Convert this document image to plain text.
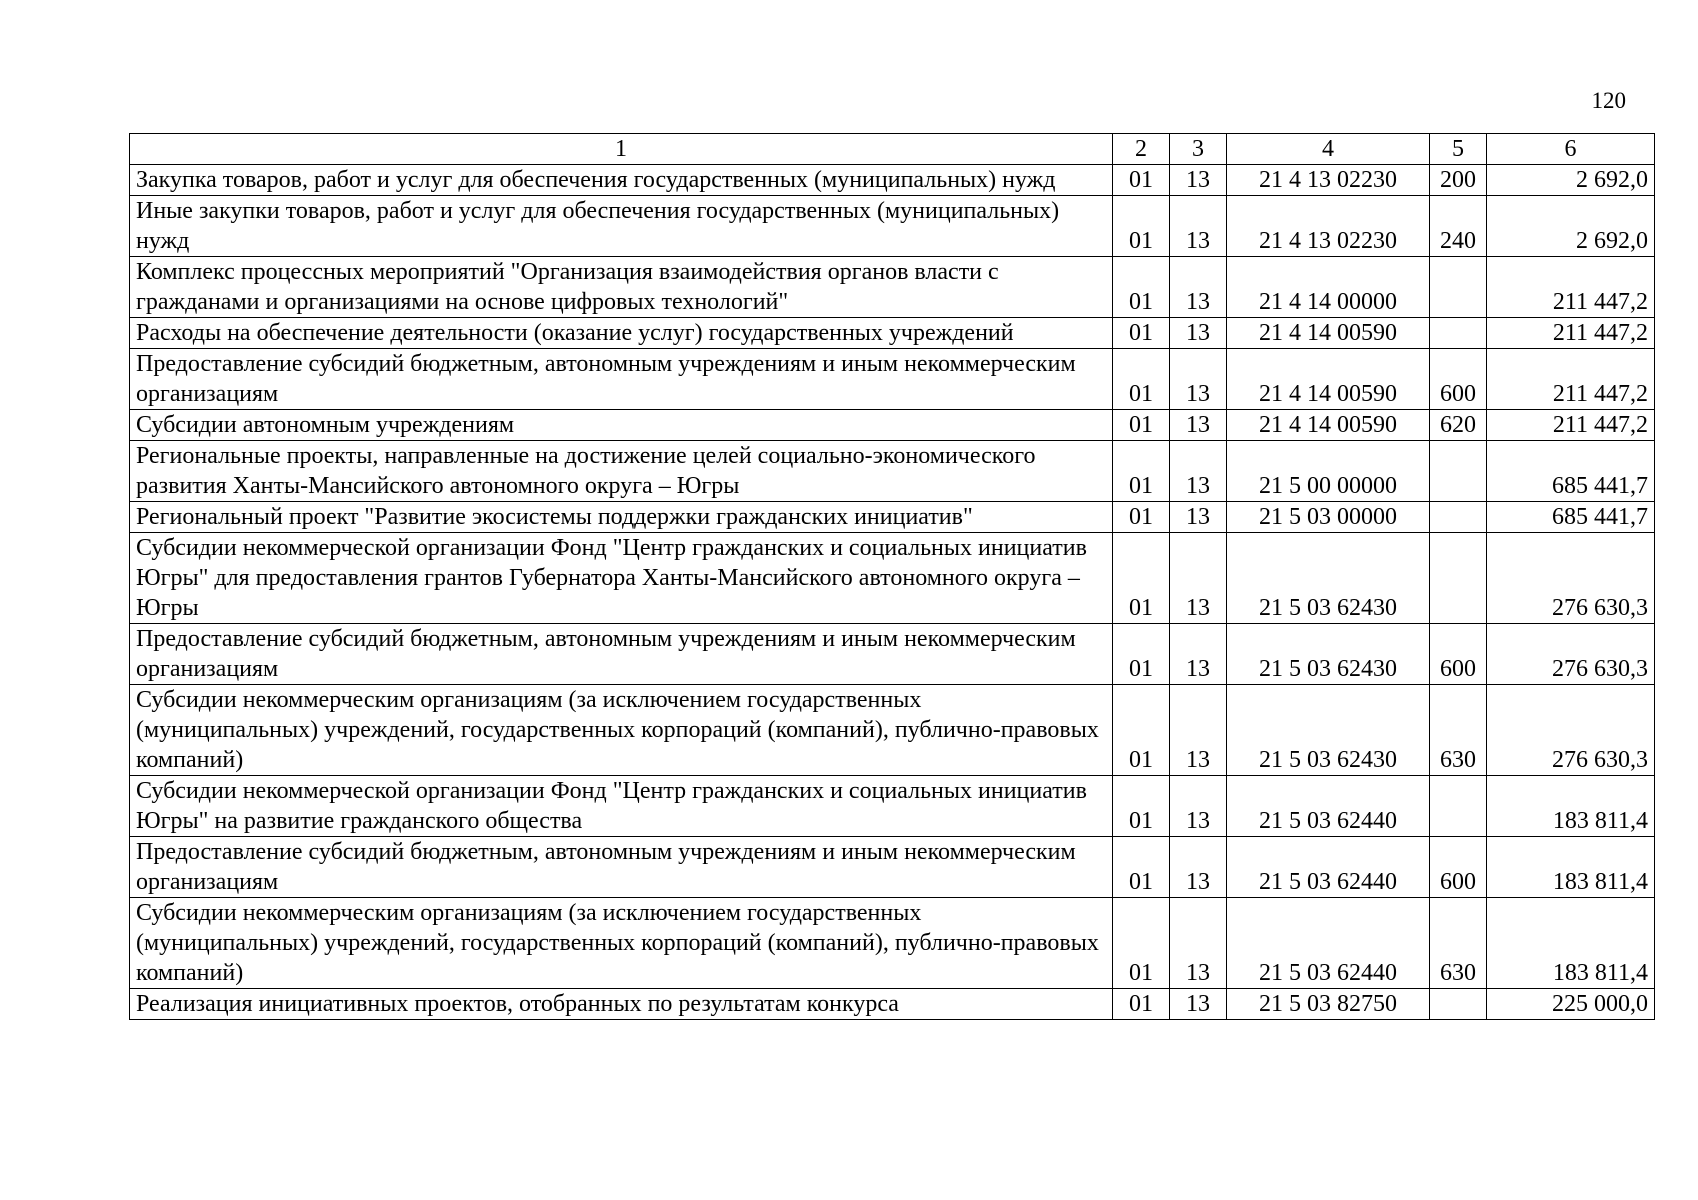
120
1	2	3	4	5	6
Закупка товаров, работ и услуг для обеспечения государственных (муниципальных) нужд	01	13	21 4 13 02230	200	2 692,0
Иные закупки товаров, работ и услуг для обеспечения государственных (муниципальных) нужд	01	13	21 4 13 02230	240	2 692,0
Комплекс процессных мероприятий "Организация взаимодействия органов власти с гражданами и организациями на основе цифровых технологий"	01	13	21 4 14 00000		211 447,2
Расходы на обеспечение деятельности (оказание услуг) государственных учреждений	01	13	21 4 14 00590		211 447,2
Предоставление субсидий бюджетным, автономным учреждениям и иным некоммерческим организациям	01	13	21 4 14 00590	600	211 447,2
Субсидии автономным учреждениям	01	13	21 4 14 00590	620	211 447,2
Региональные проекты, направленные на достижение целей социально-экономического развития Ханты-Мансийского автономного округа – Югры	01	13	21 5 00 00000		685 441,7
Региональный проект "Развитие экосистемы поддержки гражданских инициатив"	01	13	21 5 03 00000		685 441,7
Субсидии некоммерческой организации Фонд "Центр гражданских и социальных инициатив Югры" для предоставления грантов Губернатора Ханты-Мансийского автономного округа – Югры	01	13	21 5 03 62430		276 630,3
Предоставление субсидий бюджетным, автономным учреждениям и иным некоммерческим организациям	01	13	21 5 03 62430	600	276 630,3
Субсидии некоммерческим организациям (за исключением государственных (муниципальных) учреждений, государственных корпораций (компаний), публично-правовых компаний)	01	13	21 5 03 62430	630	276 630,3
Субсидии некоммерческой организации Фонд "Центр гражданских и социальных инициатив Югры" на развитие гражданского общества	01	13	21 5 03 62440		183 811,4
Предоставление субсидий бюджетным, автономным учреждениям и иным некоммерческим организациям	01	13	21 5 03 62440	600	183 811,4
Субсидии некоммерческим организациям (за исключением государственных (муниципальных) учреждений, государственных корпораций (компаний), публично-правовых компаний)	01	13	21 5 03 62440	630	183 811,4
Реализация инициативных проектов, отобранных по результатам конкурса	01	13	21 5 03 82750		225 000,0
